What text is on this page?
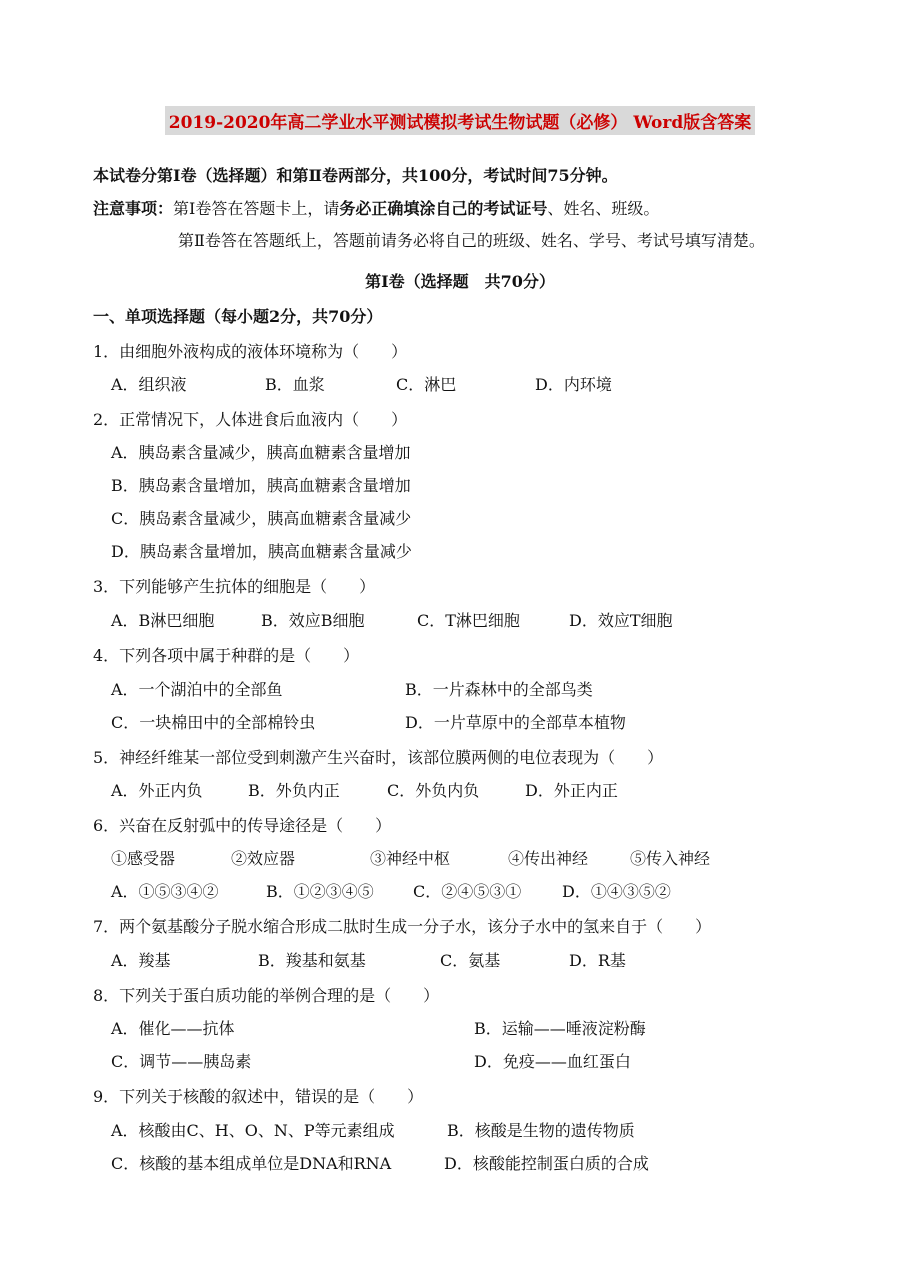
2019-2020年高二学业水平测试模拟考试生物试题（必修） Word版含答案
本试卷分第Ⅰ卷（选择题）和第Ⅱ卷两部分，共100分，考试时间75分钟。
注意事项：第Ⅰ卷答在答题卡上，请务必正确填涂自己的考试证号、姓名、班级。
第Ⅱ卷答在答题纸上，答题前请务必将自己的班级、姓名、学号、考试号填写清楚。
第Ⅰ卷（选择题　共70分）
一、单项选择题（每小题2分，共70分）
1．由细胞外液构成的液体环境称为（　　）
A．组织液	B．血浆	C．淋巴	D．内环境
2．正常情况下，人体进食后血液内（　　）
A．胰岛素含量减少，胰高血糖素含量增加
B．胰岛素含量增加，胰高血糖素含量增加
C．胰岛素含量减少，胰高血糖素含量减少
D．胰岛素含量增加，胰高血糖素含量减少
3．下列能够产生抗体的细胞是（　　）
A．B淋巴细胞	B．效应B细胞	C．T淋巴细胞	D．效应T细胞
4．下列各项中属于种群的是（　　）
A．一个湖泊中的全部鱼	B．一片森林中的全部鸟类
C．一块棉田中的全部棉铃虫	D．一片草原中的全部草本植物
5．神经纤维某一部位受到刺激产生兴奋时，该部位膜两侧的电位表现为（　　）
A．外正内负	B．外负内正	C．外负内负	D．外正内正
6．兴奋在反射弧中的传导途径是（　　）
①感受器	②效应器	③神经中枢	④传出神经	⑤传入神经
A．①⑤③④②	B．①②③④⑤ C．②④⑤③①	D．①④③⑤②
7．两个氨基酸分子脱水缩合形成二肽时生成一分子水，该分子水中的氢来自于（　　）
A．羧基	B．羧基和氨基	C．氨基	D．R基
8．下列关于蛋白质功能的举例合理的是（　　）
A．催化——抗体	B．运输——唾液淀粉酶
C．调节——胰岛素	D．免疫——血红蛋白
9．下列关于核酸的叙述中，错误的是（　　）
A．核酸由C、H、O、N、P等元素组成	B．核酸是生物的遗传物质
C．核酸的基本组成单位是DNA和RNA	D．核酸能控制蛋白质的合成
